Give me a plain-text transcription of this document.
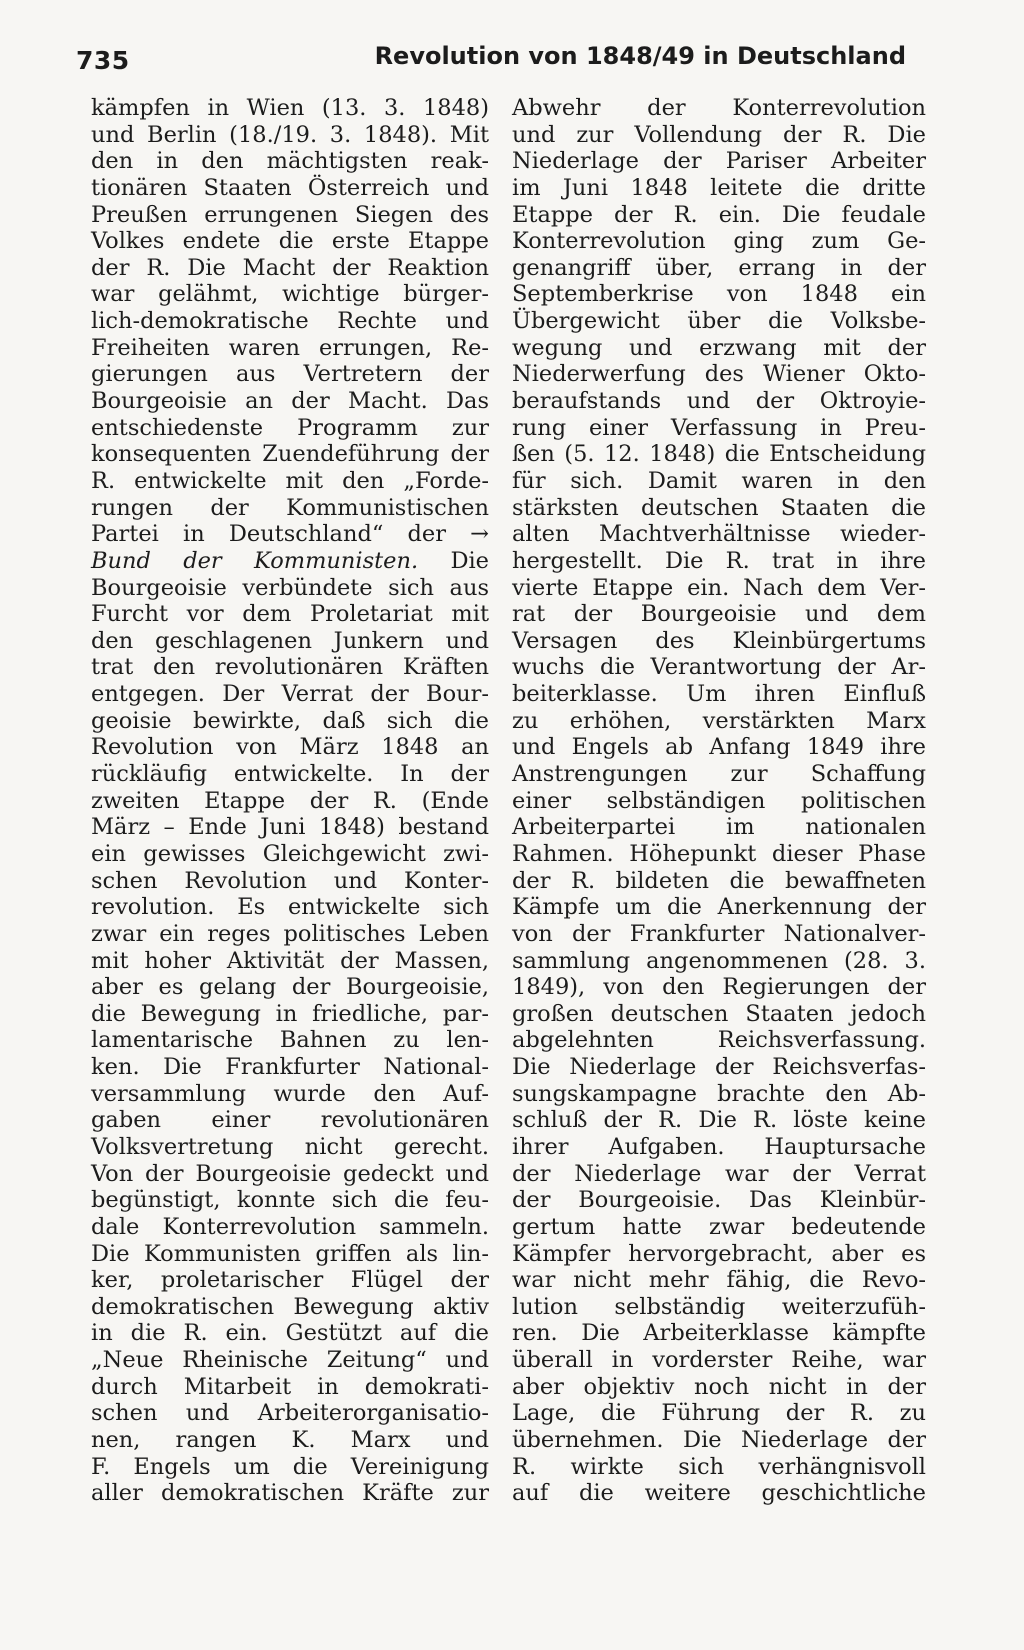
735	Revolution von 1848/49 in Deutschland
kämpfen in Wien (13. 3. 1848)
und Berlin (18./19. 3. 1848). Mit
den in den mächtigsten reak-
tionären Staaten Österreich und
Preußen errungenen Siegen des
Volkes endete die erste Etappe
der R. Die Macht der Reaktion
war gelähmt, wichtige bürger-
lich-demokratische Rechte und
Freiheiten waren errungen, Re-
gierungen aus Vertretern der
Bourgeoisie an der Macht. Das
entschiedenste Programm zur
konsequenten Zuendeführung der
R. entwickelte mit den „Forde-
rungen der Kommunistischen
Partei in Deutschland“ der →
Bund der Kommunisten. Die
Bourgeoisie verbündete sich aus
Furcht vor dem Proletariat mit
den geschlagenen Junkern und
trat den revolutionären Kräften
entgegen. Der Verrat der Bour-
geoisie bewirkte, daß sich die
Revolution von März 1848 an
rückläufig entwickelte. In der
zweiten Etappe der R. (Ende
März – Ende Juni 1848) bestand
ein gewisses Gleichgewicht zwi-
schen Revolution und Konter-
revolution. Es entwickelte sich
zwar ein reges politisches Leben
mit hoher Aktivität der Massen,
aber es gelang der Bourgeoisie,
die Bewegung in friedliche, par-
lamentarische Bahnen zu len-
ken. Die Frankfurter National-
versammlung wurde den Auf-
gaben einer revolutionären
Volksvertretung nicht gerecht.
Von der Bourgeoisie gedeckt und
begünstigt, konnte sich die feu-
dale Konterrevolution sammeln.
Die Kommunisten griffen als lin-
ker, proletarischer Flügel der
demokratischen Bewegung aktiv
in die R. ein. Gestützt auf die
„Neue Rheinische Zeitung“ und
durch Mitarbeit in demokrati-
schen und Arbeiterorganisatio-
nen, rangen K. Marx und
F. Engels um die Vereinigung
aller demokratischen Kräfte zur
Abwehr der Konterrevolution
und zur Vollendung der R. Die
Niederlage der Pariser Arbeiter
im Juni 1848 leitete die dritte
Etappe der R. ein. Die feudale
Konterrevolution ging zum Ge-
genangriff über, errang in der
Septemberkrise von 1848 ein
Übergewicht über die Volksbe-
wegung und erzwang mit der
Niederwerfung des Wiener Okto-
beraufstands und der Oktroyie-
rung einer Verfassung in Preu-
ßen (5. 12. 1848) die Entscheidung
für sich. Damit waren in den
stärksten deutschen Staaten die
alten Machtverhältnisse wieder-
hergestellt. Die R. trat in ihre
vierte Etappe ein. Nach dem Ver-
rat der Bourgeoisie und dem
Versagen des Kleinbürgertums
wuchs die Verantwortung der Ar-
beiterklasse. Um ihren Einfluß
zu erhöhen, verstärkten Marx
und Engels ab Anfang 1849 ihre
Anstrengungen zur Schaffung
einer selbständigen politischen
Arbeiterpartei im nationalen
Rahmen. Höhepunkt dieser Phase
der R. bildeten die bewaffneten
Kämpfe um die Anerkennung der
von der Frankfurter Nationalver-
sammlung angenommenen (28. 3.
1849), von den Regierungen der
großen deutschen Staaten jedoch
abgelehnten Reichsverfassung.
Die Niederlage der Reichsverfas-
sungskampagne brachte den Ab-
schluß der R. Die R. löste keine
ihrer Aufgaben. Hauptursache
der Niederlage war der Verrat
der Bourgeoisie. Das Kleinbür-
gertum hatte zwar bedeutende
Kämpfer hervorgebracht, aber es
war nicht mehr fähig, die Revo-
lution selbständig weiterzufüh-
ren. Die Arbeiterklasse kämpfte
überall in vorderster Reihe, war
aber objektiv noch nicht in der
Lage, die Führung der R. zu
übernehmen. Die Niederlage der
R. wirkte sich verhängnisvoll
auf die weitere geschichtliche
